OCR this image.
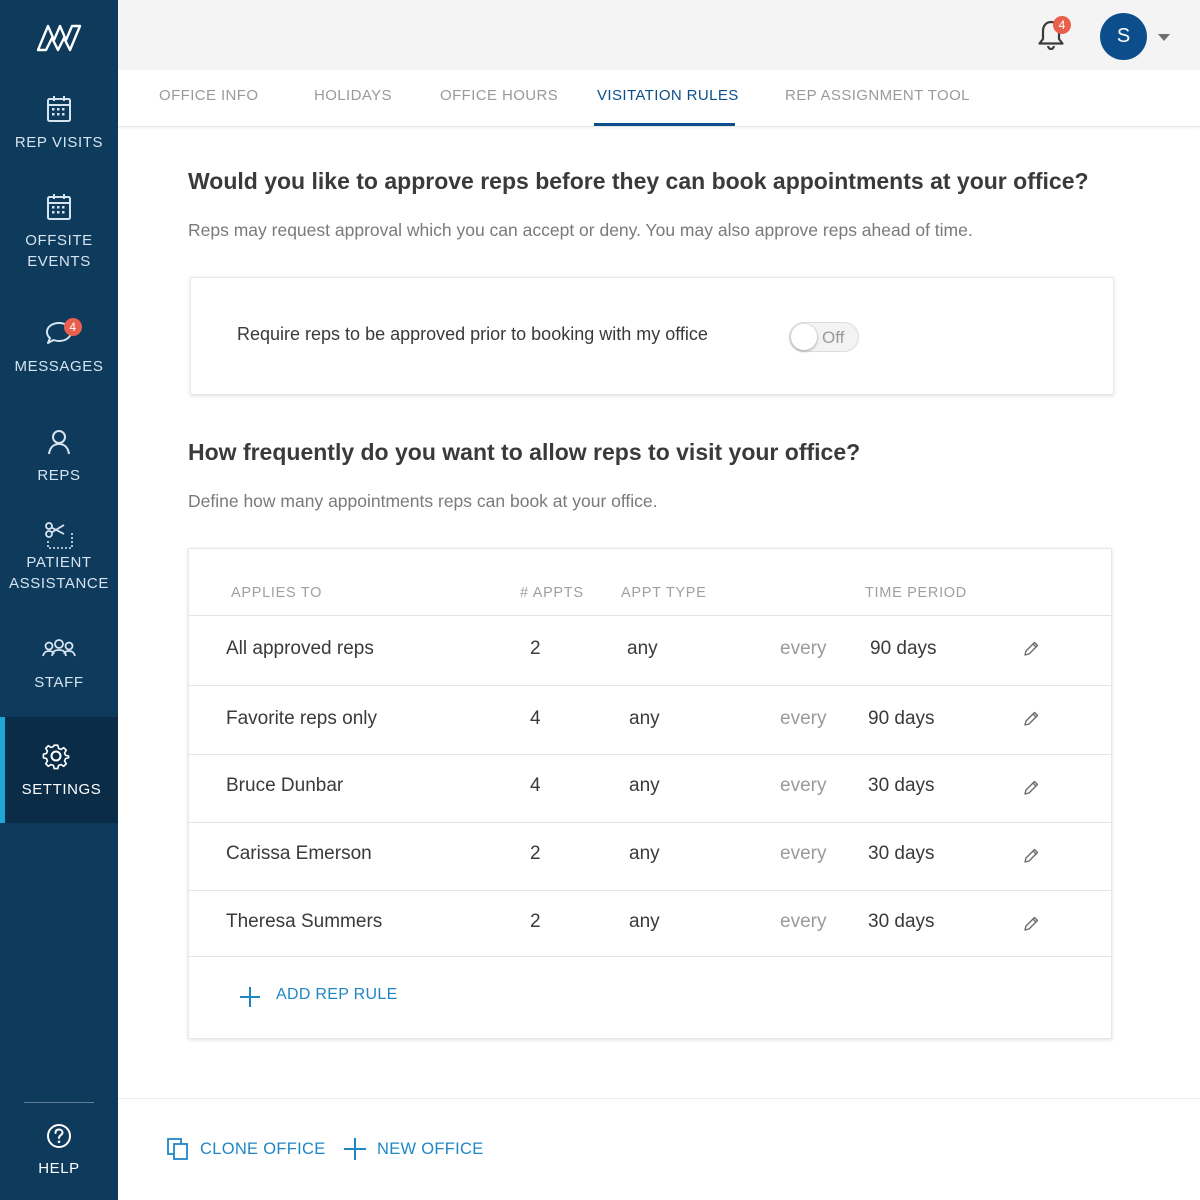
REP VISITS
OFFSITE EVENTS
4
MESSAGES
REPS
PATIENT ASSISTANCE
STAFF
SETTINGS
HELP
4	S
OFFICE INFO	HOLIDAYS	OFFICE HOURS	VISITATION RULES	REP ASSIGNMENT TOOL
Would you like to approve reps before they can book appointments at your office?

Reps may request approval which you can accept or deny. You may also approve reps ahead of time.

Require reps to be approved prior to booking with my office	Off
How frequently do you want to allow reps to visit your office?

Define how many appointments reps can book at your office.

APPLIES TO	# APPTS	APPT TYPE	TIME PERIOD
All approved reps	2	any	every 90 days
Favorite reps only	4	any	every 90 days
Bruce Dunbar	4	any	every 30 days
Carissa Emerson	2	any	every 30 days
Theresa Summers	2	any	every 30 days
ADD REP RULE
CLONE OFFICE	NEW OFFICE
